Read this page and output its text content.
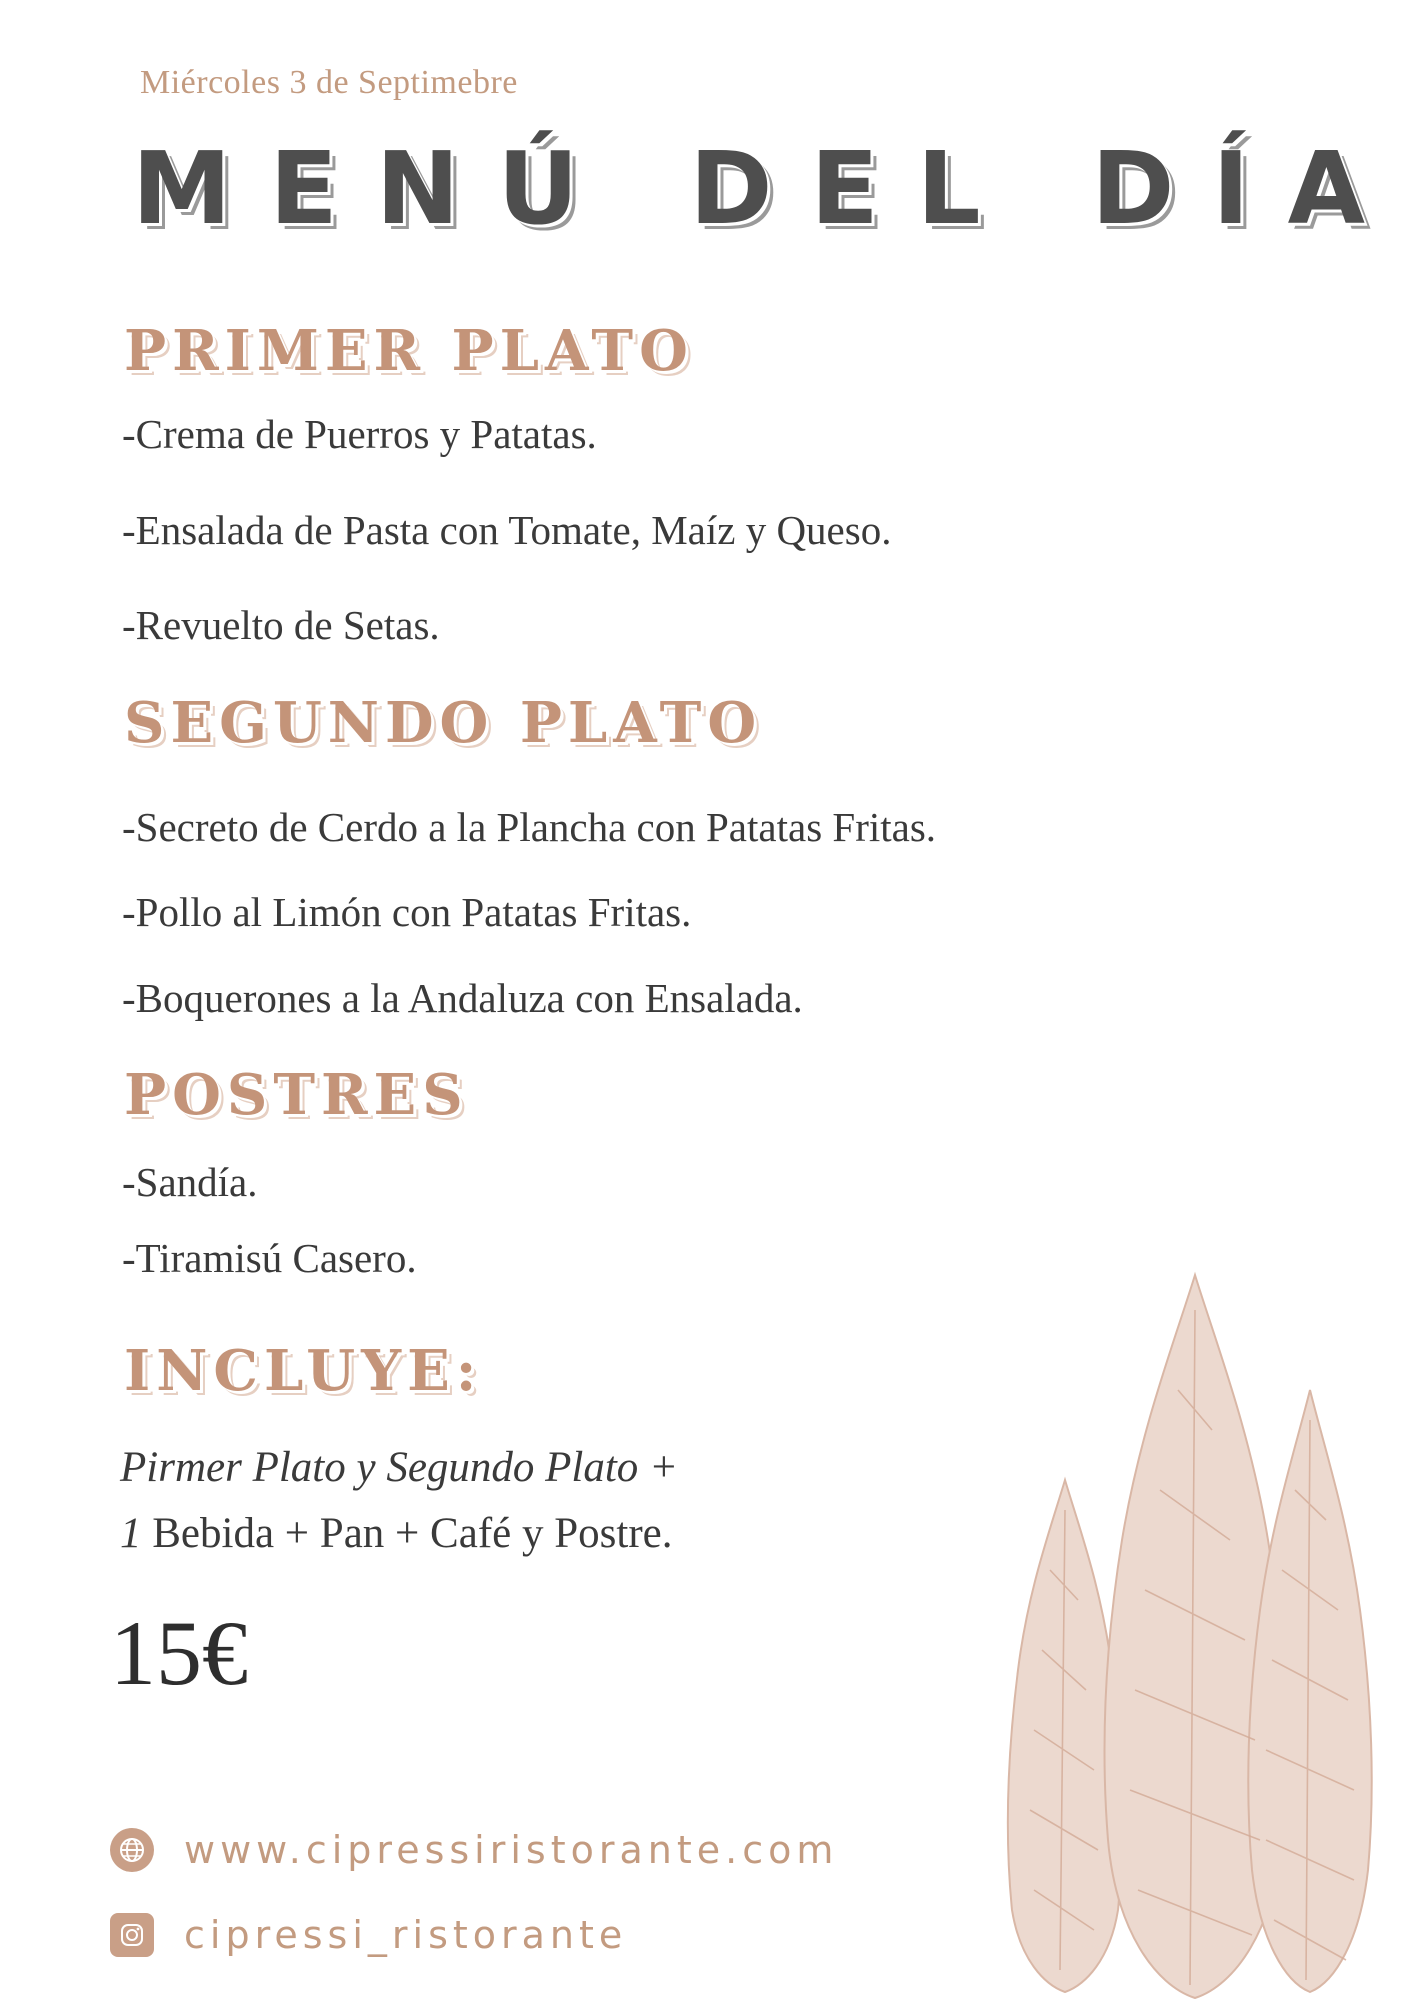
Miércoles 3 de Septimebre
MENÚ DEL DÍA
PRIMER PLATO
-Crema de Puerros y Patatas.
-Ensalada de Pasta con Tomate, Maíz y Queso.
-Revuelto de Setas.
SEGUNDO PLATO
-Secreto de Cerdo a la Plancha con Patatas Fritas.
-Pollo al Limón con Patatas Fritas.
-Boquerones a la Andaluza con Ensalada.
POSTRES
-Sandía.
-Tiramisú Casero.
INCLUYE:
Pirmer Plato y Segundo Plato +
1 Bebida + Pan + Café y Postre.
15€
www.cipressiristorante.com
cipressi_ristorante
